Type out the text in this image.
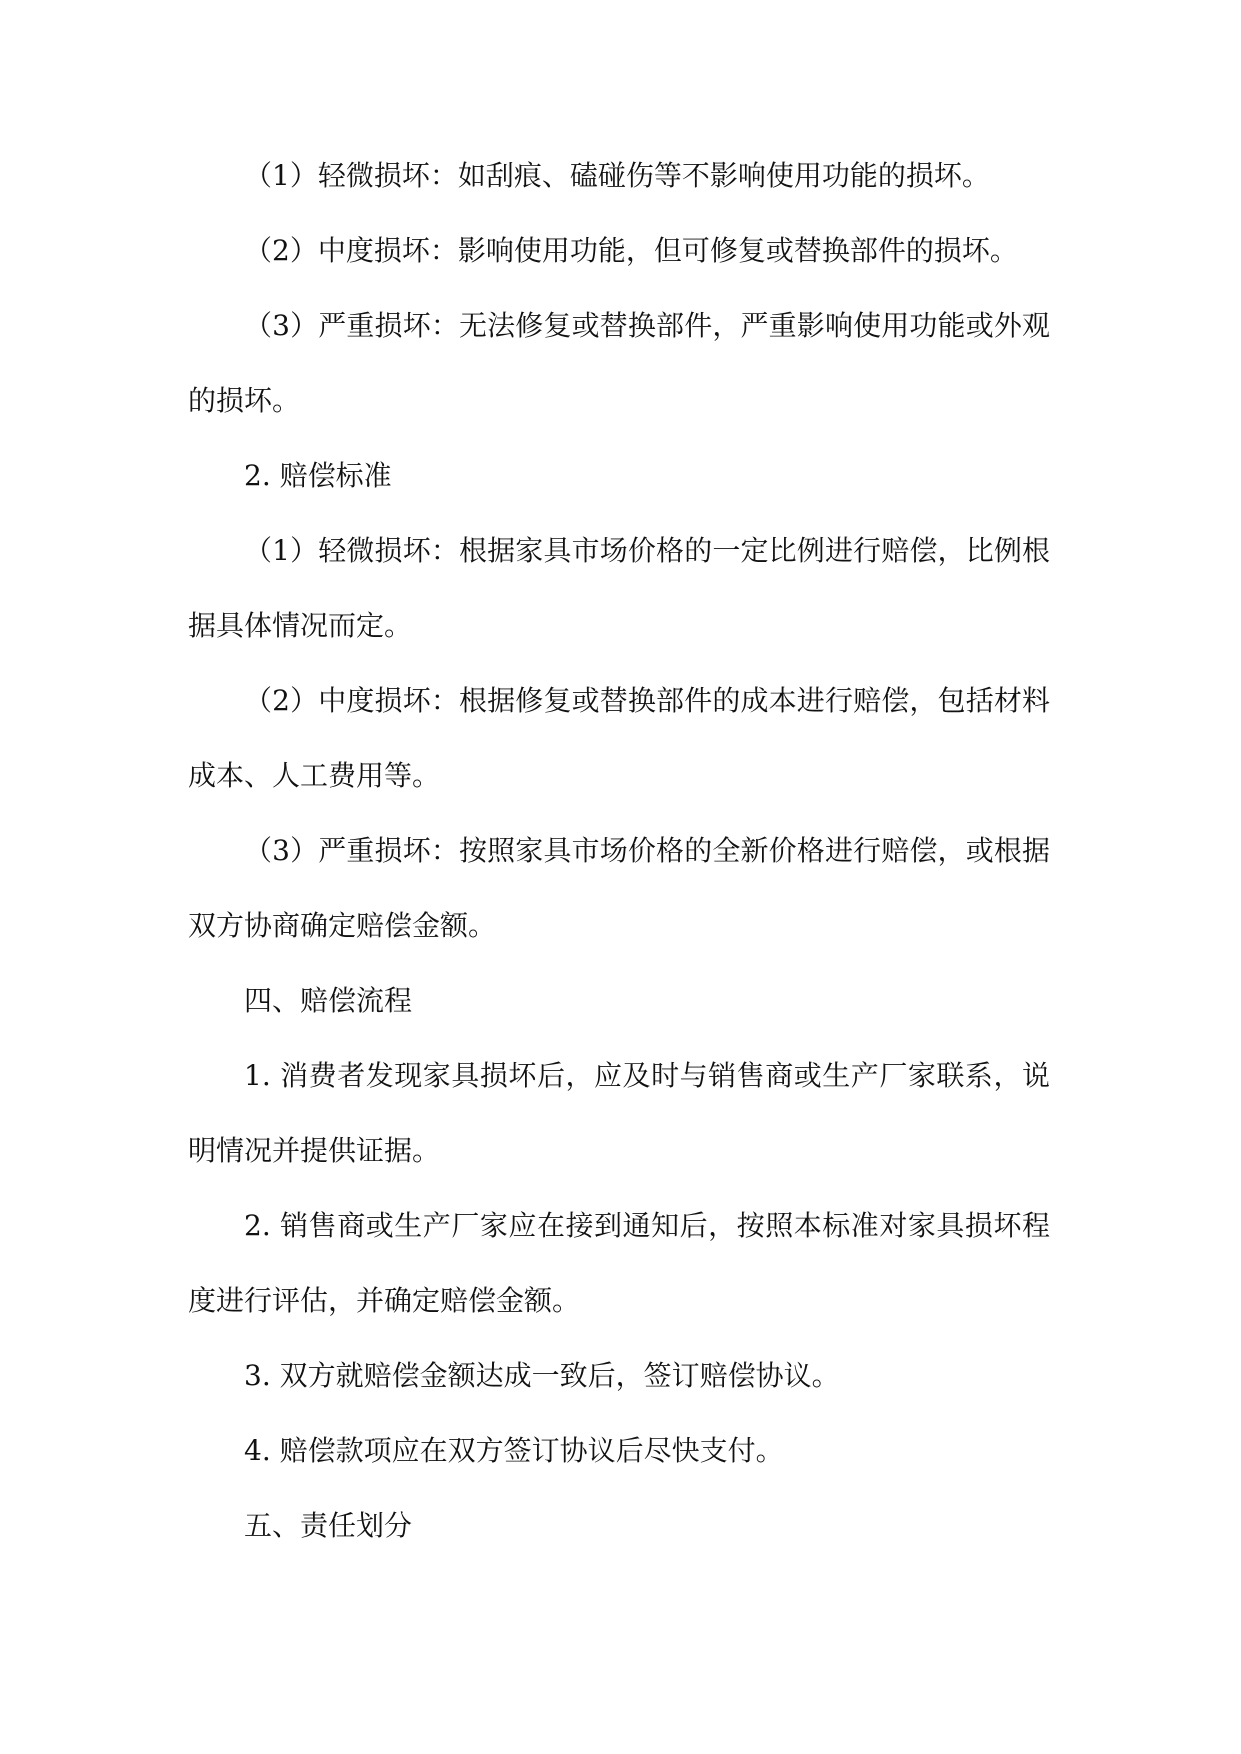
（1）轻微损坏：如刮痕、磕碰伤等不影响使用功能的损坏。

（2）中度损坏：影响使用功能，但可修复或替换部件的损坏。

（3）严重损坏：无法修复或替换部件，严重影响使用功能或外观的损坏。

2. 赔偿标准

（1）轻微损坏：根据家具市场价格的一定比例进行赔偿，比例根据具体情况而定。

（2）中度损坏：根据修复或替换部件的成本进行赔偿，包括材料成本、人工费用等。

（3）严重损坏：按照家具市场价格的全新价格进行赔偿，或根据双方协商确定赔偿金额。

四、赔偿流程

1. 消费者发现家具损坏后，应及时与销售商或生产厂家联系，说明情况并提供证据。

2. 销售商或生产厂家应在接到通知后，按照本标准对家具损坏程度进行评估，并确定赔偿金额。

3. 双方就赔偿金额达成一致后，签订赔偿协议。

4. 赔偿款项应在双方签订协议后尽快支付。

五、责任划分
